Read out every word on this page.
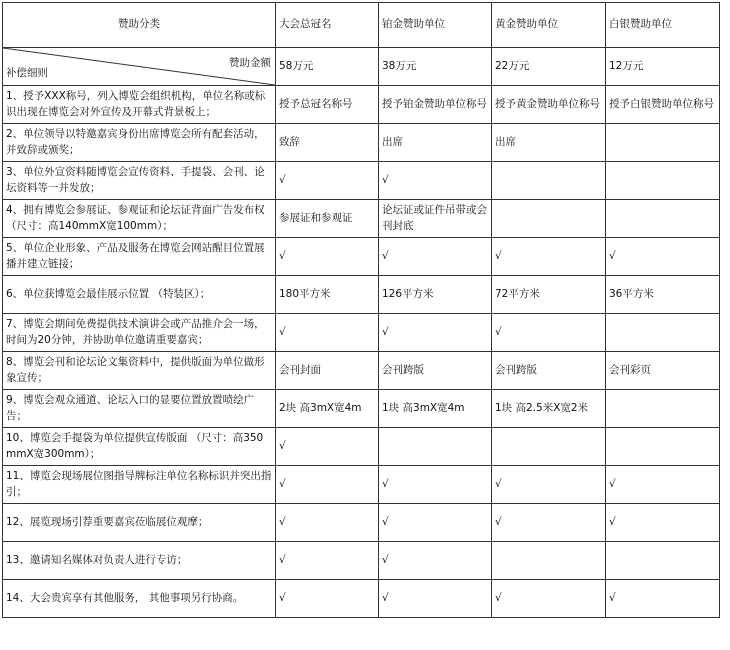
赞助分类	大会总冠名	铂金赞助单位	黄金赞助单位	白银赞助单位

赞助金额
补偿细则	58万元	38万元	22万元	12万元
1、授予XXX称号，列入博览会组织机构，单位名称或标识出现在博览会对外宣传及开幕式背景板上；	授予总冠名称号	授予铂金赞助单位称号	授予黄金赞助单位称号	授予白银赞助单位称号
2、单位领导以特邀嘉宾身份出席博览会所有配套活动，并致辞或颁奖；	致辞	出席	出席	
3、单位外宣资料随博览会宣传资料、手提袋、会刊、论坛资料等一并发放；	√	√		
4、拥有博览会参展证、参观证和论坛证背面广告发布权（尺寸：高140mmX宽100mm）；	参展证和参观证	论坛证或证件吊带或会刊封底		
5、单位企业形象、产品及服务在博览会网站醒目位置展播并建立链接；	√	√	√	√
6、单位获博览会最佳展示位置 （特装区）；	180平方米	126平方米	72平方米	36平方米
7、博览会期间免费提供技术演讲会或产品推介会一场，时间为20分钟，并协助单位邀请重要嘉宾；	√	√	√	
8、博览会刊和论坛论文集资料中，提供版面为单位做形象宣传；	会刊封面	会刊跨版	会刊跨版	会刊彩页
9、博览会观众通道、论坛入口的显要位置放置喷绘广告；	2块 高3mX宽4m	1块 高3mX宽4m	1块 高2.5米X宽2米	
10、博览会手提袋为单位提供宣传版面 （尺寸：高350mmX宽300mm）；	√			
11、博览会现场展位图指导牌标注单位名称标识并突出指引；	√	√	√	√
12、展览现场引荐重要嘉宾莅临展位观摩；	√	√	√	√
13、邀请知名媒体对负责人进行专访；	√	√		
14、大会贵宾享有其他服务， 其他事项另行协商。	√	√	√	√
